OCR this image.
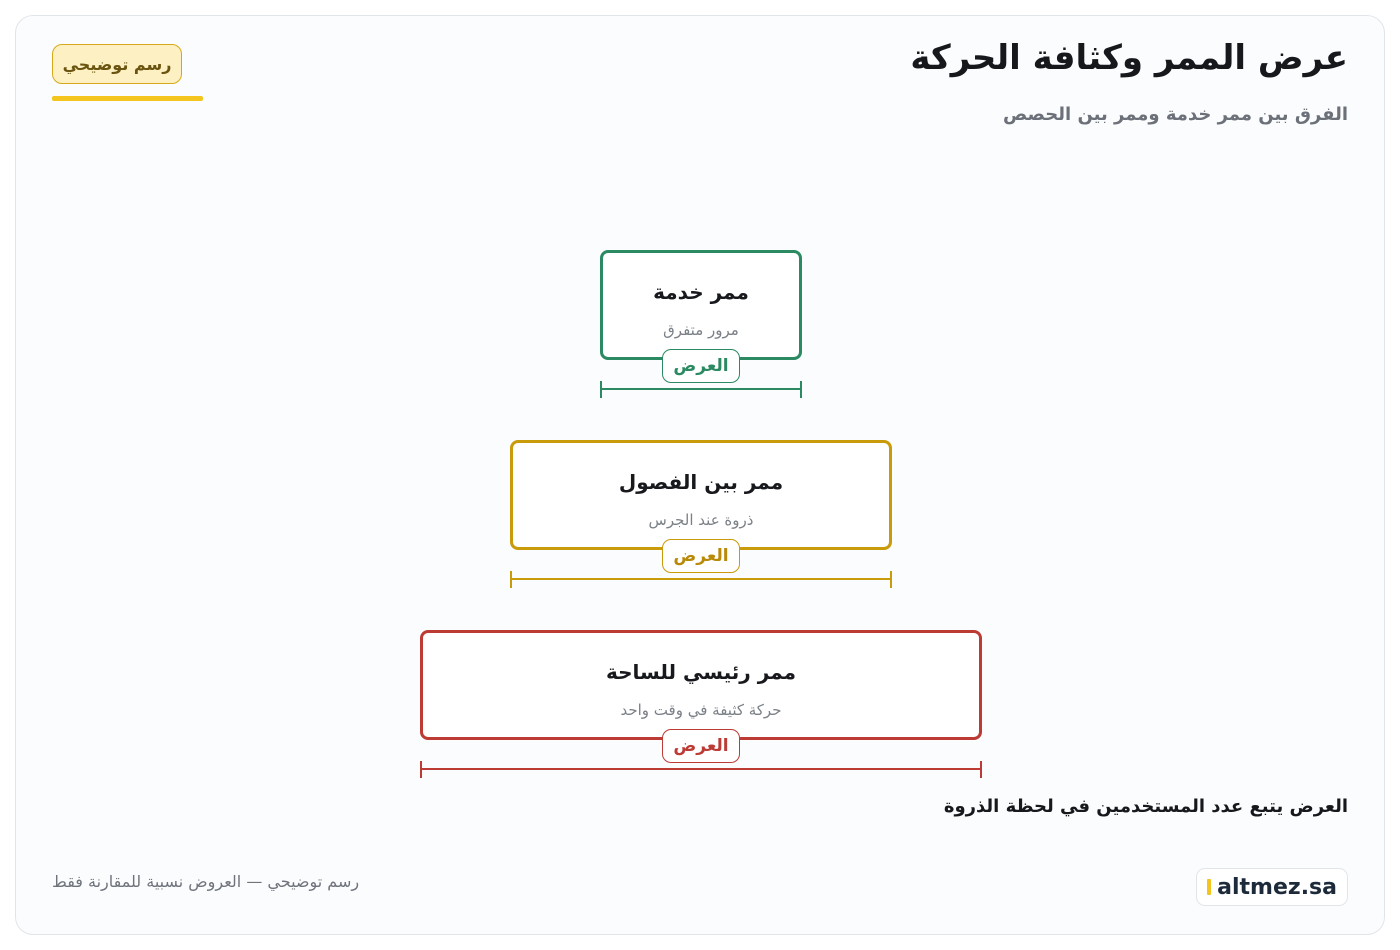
عرض الممر وكثافة الحركة
الفرق بين ممر خدمة وممر بين الحصص
رسم توضيحي
ممر خدمة
مرور متفرق
العرض
ممر بين الفصول
ذروة عند الجرس
العرض
ممر رئيسي للساحة
حركة كثيفة في وقت واحد
العرض
العرض يتبع عدد المستخدمين في لحظة الذروة
رسم توضيحي — العروض نسبية للمقارنة فقط	altmez.sa
